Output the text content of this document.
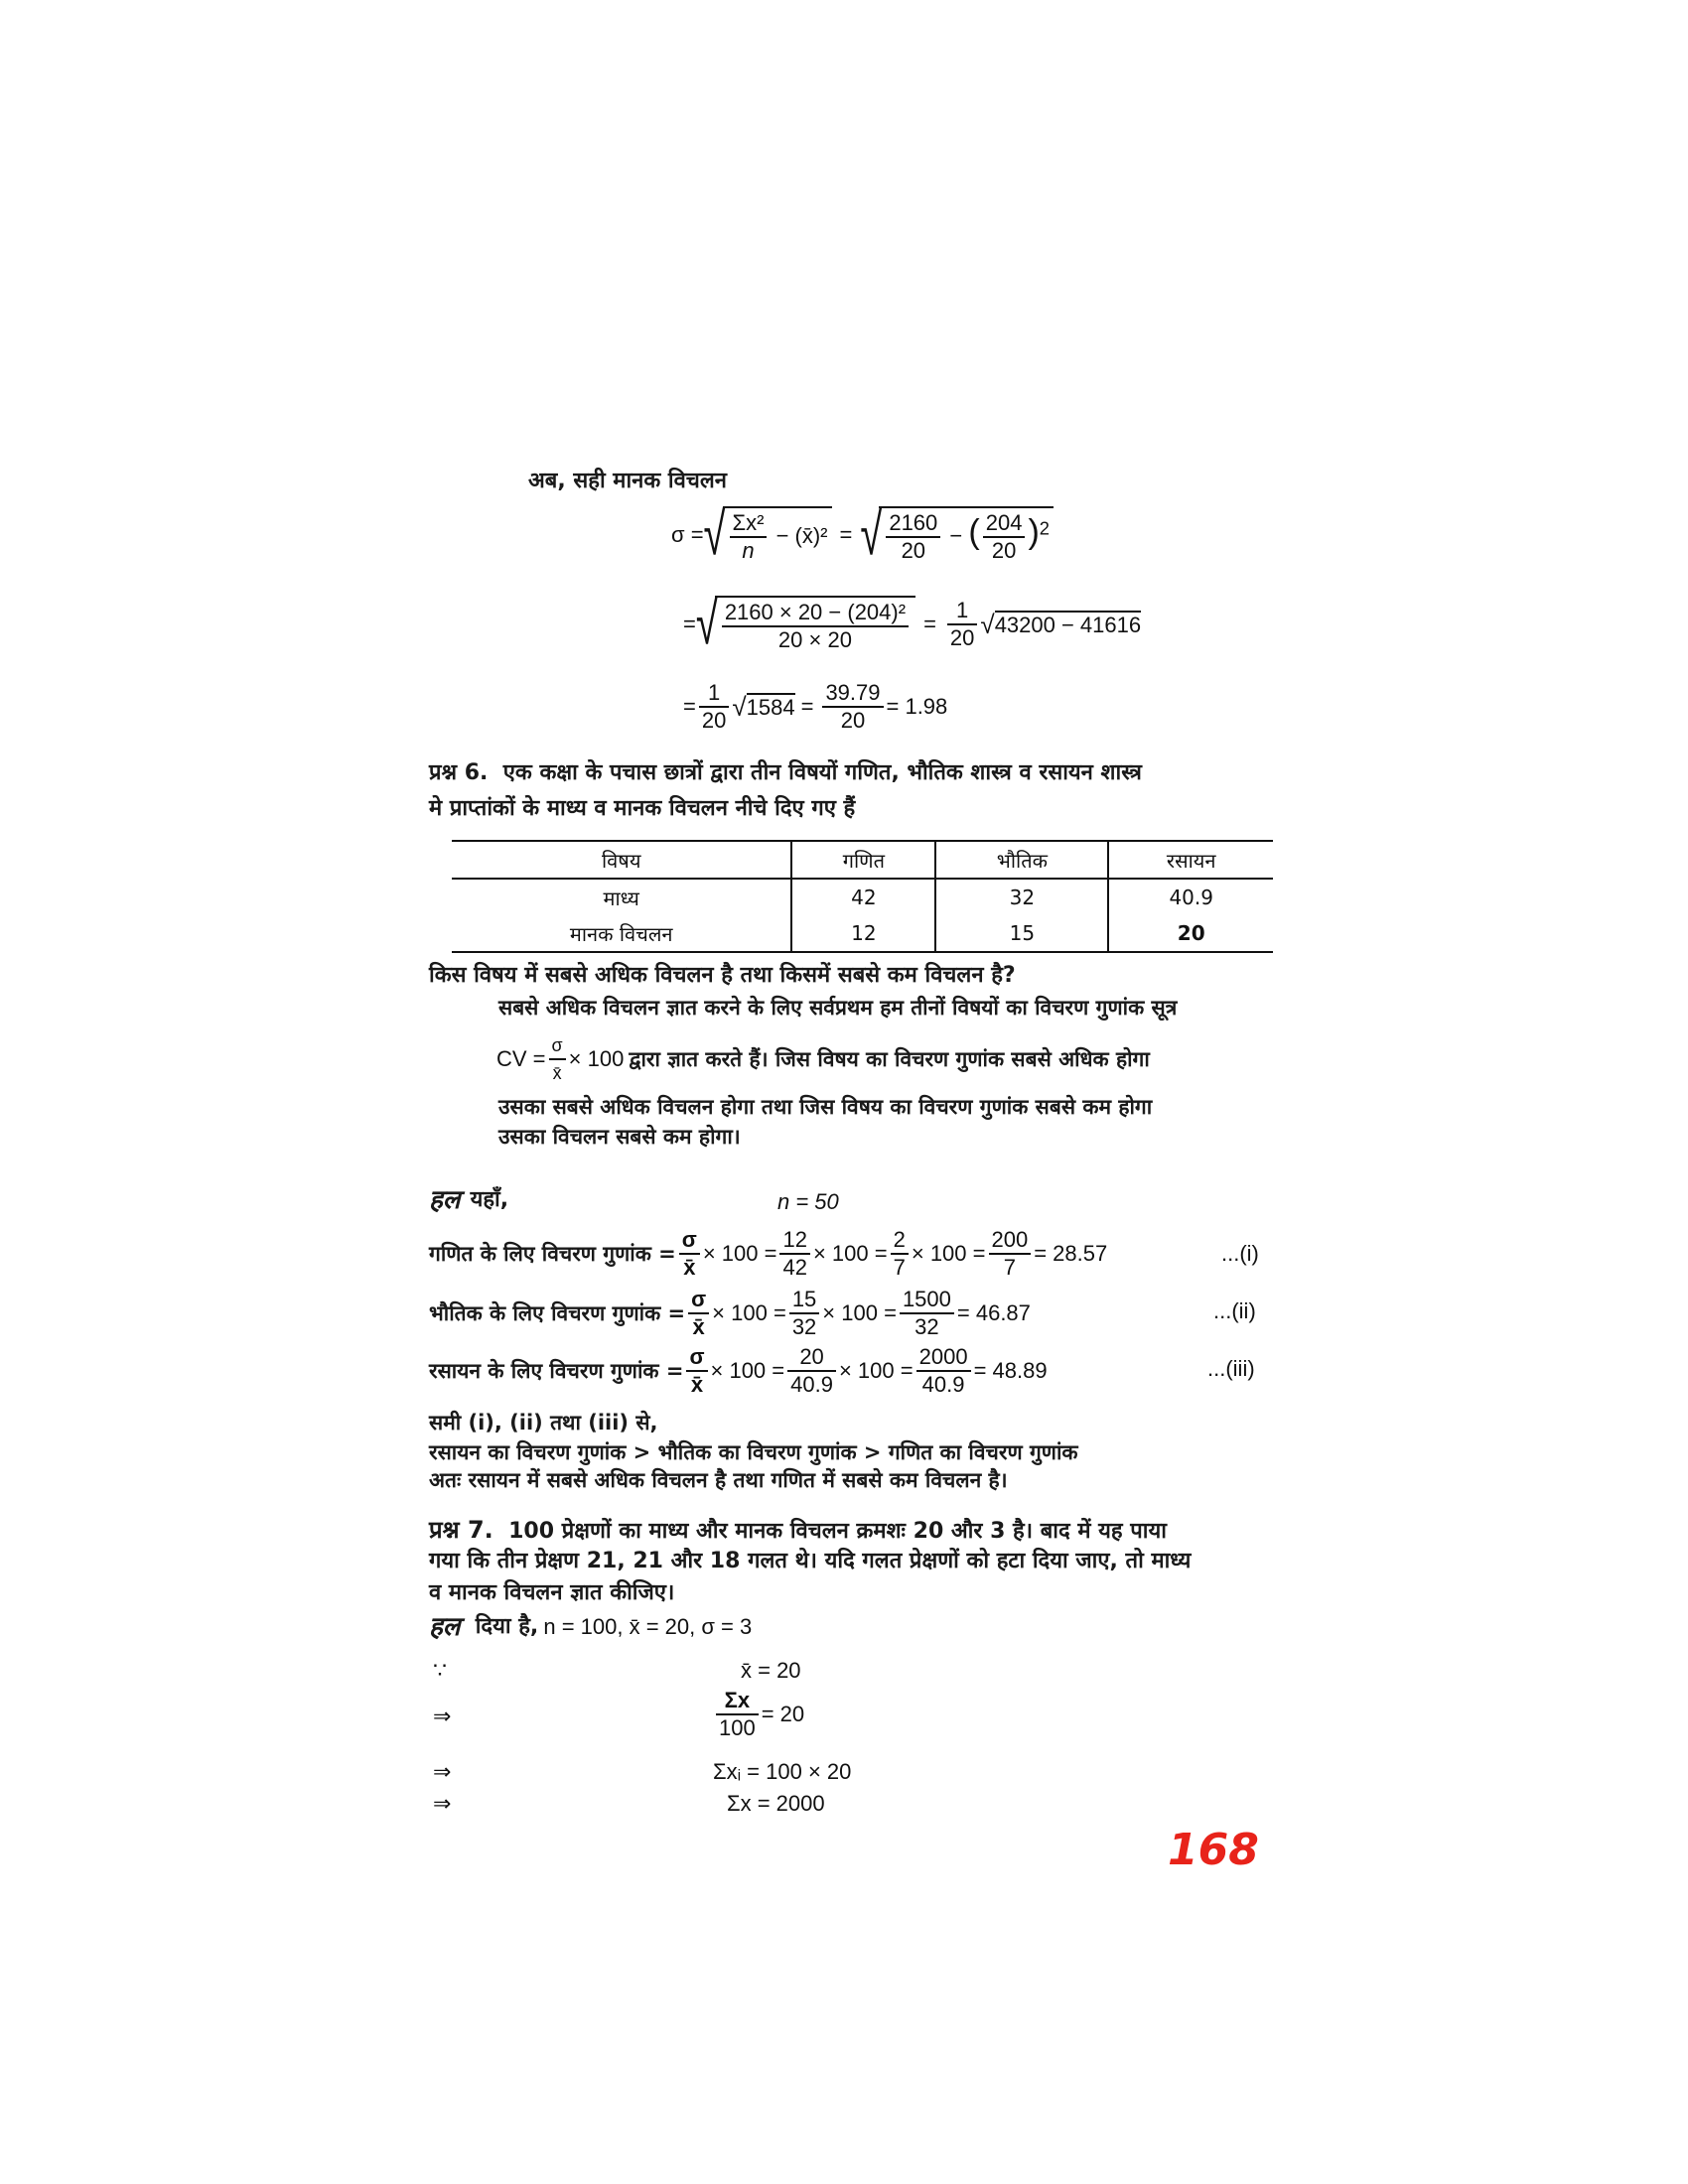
अब, सही मानक विचलन
σ = √ $\frac{\text{Σx²}}{n}$ − (x̄)² = √ $\frac{2160}{20}$ − ( $\frac{204}{20} )^2$
= √ $\frac{\text{2160 × 20 − (204)²}}{20 \times 20} = \frac{1}{20}$ √ 43200 − 41616
= $\frac{1}{20}$ √ $1584 = \frac{39.79}{20} = 1.98$
प्रश्न 6. एक कक्षा के पचास छात्रों द्वारा तीन विषयों गणित, भौतिक शास्त्र व रसायन शास्त्र
मे प्राप्तांकों के माध्य व मानक विचलन नीचे दिए गए हैं
विषय	गणित	भौतिक	रसायन
माध्य	42	32	40.9
मानक विचलन	12	15	20
किस विषय में सबसे अधिक विचलन है तथा किसमें सबसे कम विचलन है?
सबसे अधिक विचलन ज्ञात करने के लिए सर्वप्रथम हम तीनों विषयों का विचरण गुणांक सूत्र
CV = $\frac{\sigma}{x̄} \times 100$
द्वारा ज्ञात करते हैं। जिस विषय का विचरण गुणांक सबसे अधिक होगा
उसका सबसे अधिक विचलन होगा तथा जिस विषय का विचरण गुणांक सबसे कम होगा
उसका विचलन सबसे कम होगा।
हल
यहाँ,	n = 50
गणित के लिए विचरण गुणांक = $\frac{\sigma}{x̄} \times 100 = \frac{12}{42} \times 100 = \frac{2}{7} \times 100 = \frac{200}{7} = 28.57$	...(i)
भौतिक के लिए विचरण गुणांक = $\frac{\sigma}{x̄} \times 100 = \frac{15}{32} \times 100 = \frac{1500}{32} = 46.87$	...(ii)
रसायन के लिए विचरण गुणांक = $\frac{\sigma}{x̄} \times 100 = \frac{20}{40.9} \times 100 = \frac{2000}{40.9} = 48.89$	...(iii)
समी (i), (ii) तथा (iii) से,
रसायन का विचरण गुणांक > भौतिक का विचरण गुणांक > गणित का विचरण गुणांक
अतः रसायन में सबसे अधिक विचलन है तथा गणित में सबसे कम विचलन है।
प्रश्न 7. 100 प्रेक्षणों का माध्य और मानक विचलन क्रमशः 20 और 3 है। बाद में यह पाया
गया कि तीन प्रेक्षण 21, 21 और 18 गलत थे। यदि गलत प्रेक्षणों को हटा दिया जाए, तो माध्य
व मानक विचलन ज्ञात कीजिए।
हल
दिया है,
n = 100, x̄ = 20, σ = 3
∵	x̄ = 20
⇒	$\frac{\Sigma x}{100} = 20$
⇒	Σxᵢ = 100 × 20
⇒	Σx = 2000
168
